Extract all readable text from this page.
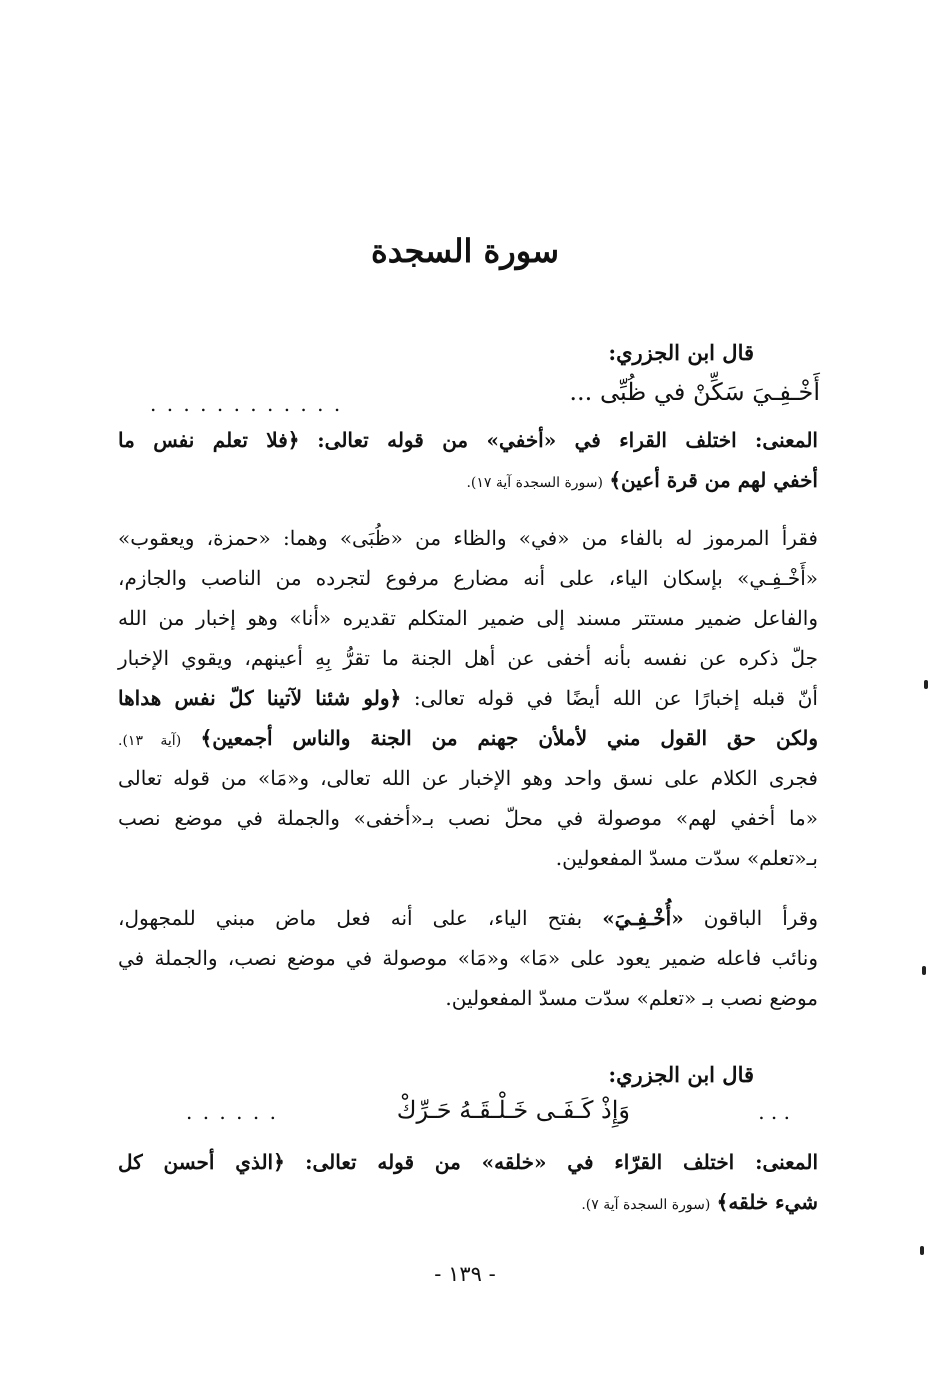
سورة السجدة
قال ابن الجزري:
أَخْـفِـيَ سَكِّنْ في ظُبِّى ...
. . . . . . . . . . . .
المعنى: اختلف القراء في «أخفي» من قوله تعالى: ﴿فلا تعلم نفس ما
أخفي لهم من قرة أعين﴾ (سورة السجدة آية ١٧).
فقرأ المرموز له بالفاء من «في» والظاء من «ظُبَى» وهما: «حمزة، ويعقوب»
«أَخْـفِـي» بإسكان الياء، على أنه مضارع مرفوع لتجرده من الناصب والجازم،
والفاعل ضمير مستتر مسند إلى ضمير المتكلم تقديره «أنا» وهو إخبار من الله
جلّ ذكره عن نفسه بأنه أخفى عن أهل الجنة ما تقرُّ بِهِ أعينهم، ويقوي الإخبار
أنّ قبله إخبارًا عن الله أيضًا في قوله تعالى: ﴿ولو شئنا لآتينا كلّ نفس هداها
ولكن حق القول مني لأملأن جهنم من الجنة والناس أجمعين﴾ (آية ١٣).
فجرى الكلام على نسق واحد وهو الإخبار عن الله تعالى، و«مَا» من قوله تعالى
«ما أخفي لهم» موصولة في محلّ نصب بـ«أخفى» والجملة في موضع نصب
بـ«تعلم» سدّت مسدّ المفعولين.
وقرأ الباقون «أُخْـفِـيَ» بفتح الياء، على أنه فعل ماض مبني للمجهول،
ونائب فاعله ضمير يعود على «مَا» و«مَا» موصولة في موضع نصب، والجملة في
موضع نصب بـ «تعلم» سدّت مسدّ المفعولين.
قال ابن الجزري:
. . .
وَإِذْ كَـفَـى خَـلْـقَـهُ حَـرِّكْ
. . . . . .
المعنى: اختلف القرّاء في «خلقه» من قوله تعالى: ﴿الذي أحسن كل
شيء خلقه﴾ (سورة السجدة آية ٧).
- ١٣٩ -
